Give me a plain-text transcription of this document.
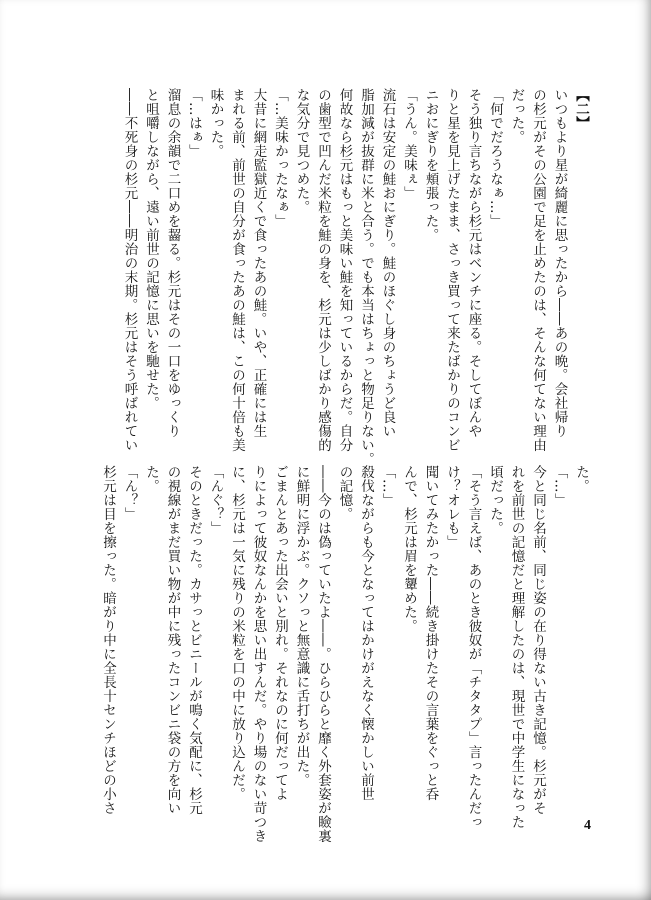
【二】
いつもより星が綺麗に思ったから――あの晩。会社帰り
の杉元がその公園で足を止めたのは、そんな何てない理由
だった。
「何でだろうなぁ…」
そう独り言ちながら杉元はベンチに座る。そしてぼんや
りと星を見上げたまま、さっき買って来たばかりのコンビ
ニおにぎりを頬張った。
「うん。美味ぇ」
流石は安定の鮭おにぎり。鮭のほぐし身のちょうど良い
脂加減が抜群に米と合う。でも本当はちょっと物足りない。
何故なら杉元はもっと美味い鮭を知っているからだ。自分
の歯型で凹んだ米粒を鮭の身を、杉元は少しばかり感傷的
な気分で見つめた。
「…美味かったなぁ」
大昔に網走監獄近くで食ったあの鮭。いや、正確には生
まれる前、前世の自分が食ったあの鮭は、この何十倍も美
味かった。
「…はぁ」
溜息の余韻で二口めを齧る。杉元はその一口をゆっくり
と咀嚼しながら、遠い前世の記憶に思いを馳せた。
――不死身の杉元――明治の末期。杉元はそう呼ばれてい
た。
「…」
今と同じ名前、同じ姿の在り得ない古き記憶。杉元がそ
れを前世の記憶だと理解したのは、現世で中学生になった
頃だった。
「そう言えば、あのとき彼奴が「チタタプ」言ったんだっ
け？オレも」
聞いてみたかった――続き掛けたその言葉をぐっと呑
んで、杉元は眉を顰めた。
「…」
殺伐ながらも今となってはかけがえなく懐かしい前世
の記憶。
――今のは偽っていたよ――。ひらひらと靡く外套姿が瞼裏
に鮮明に浮かぶ。クソっと無意識に舌打ちが出た。
ごまんとあった出会いと別れ。それなのに何だってよ
りによって彼奴なんかを思い出すんだ。やり場のない苛つき
に、杉元は一気に残りの米粒を口の中に放り込んだ。
「んぐ？」
そのときだった。カサっとビニールが鳴く気配に、杉元
の視線がまだ買い物が中に残ったコンビニ袋の方を向い
た。
「ん？」
杉元は目を擦った。暗がり中に全長十センチほどの小さ
4
